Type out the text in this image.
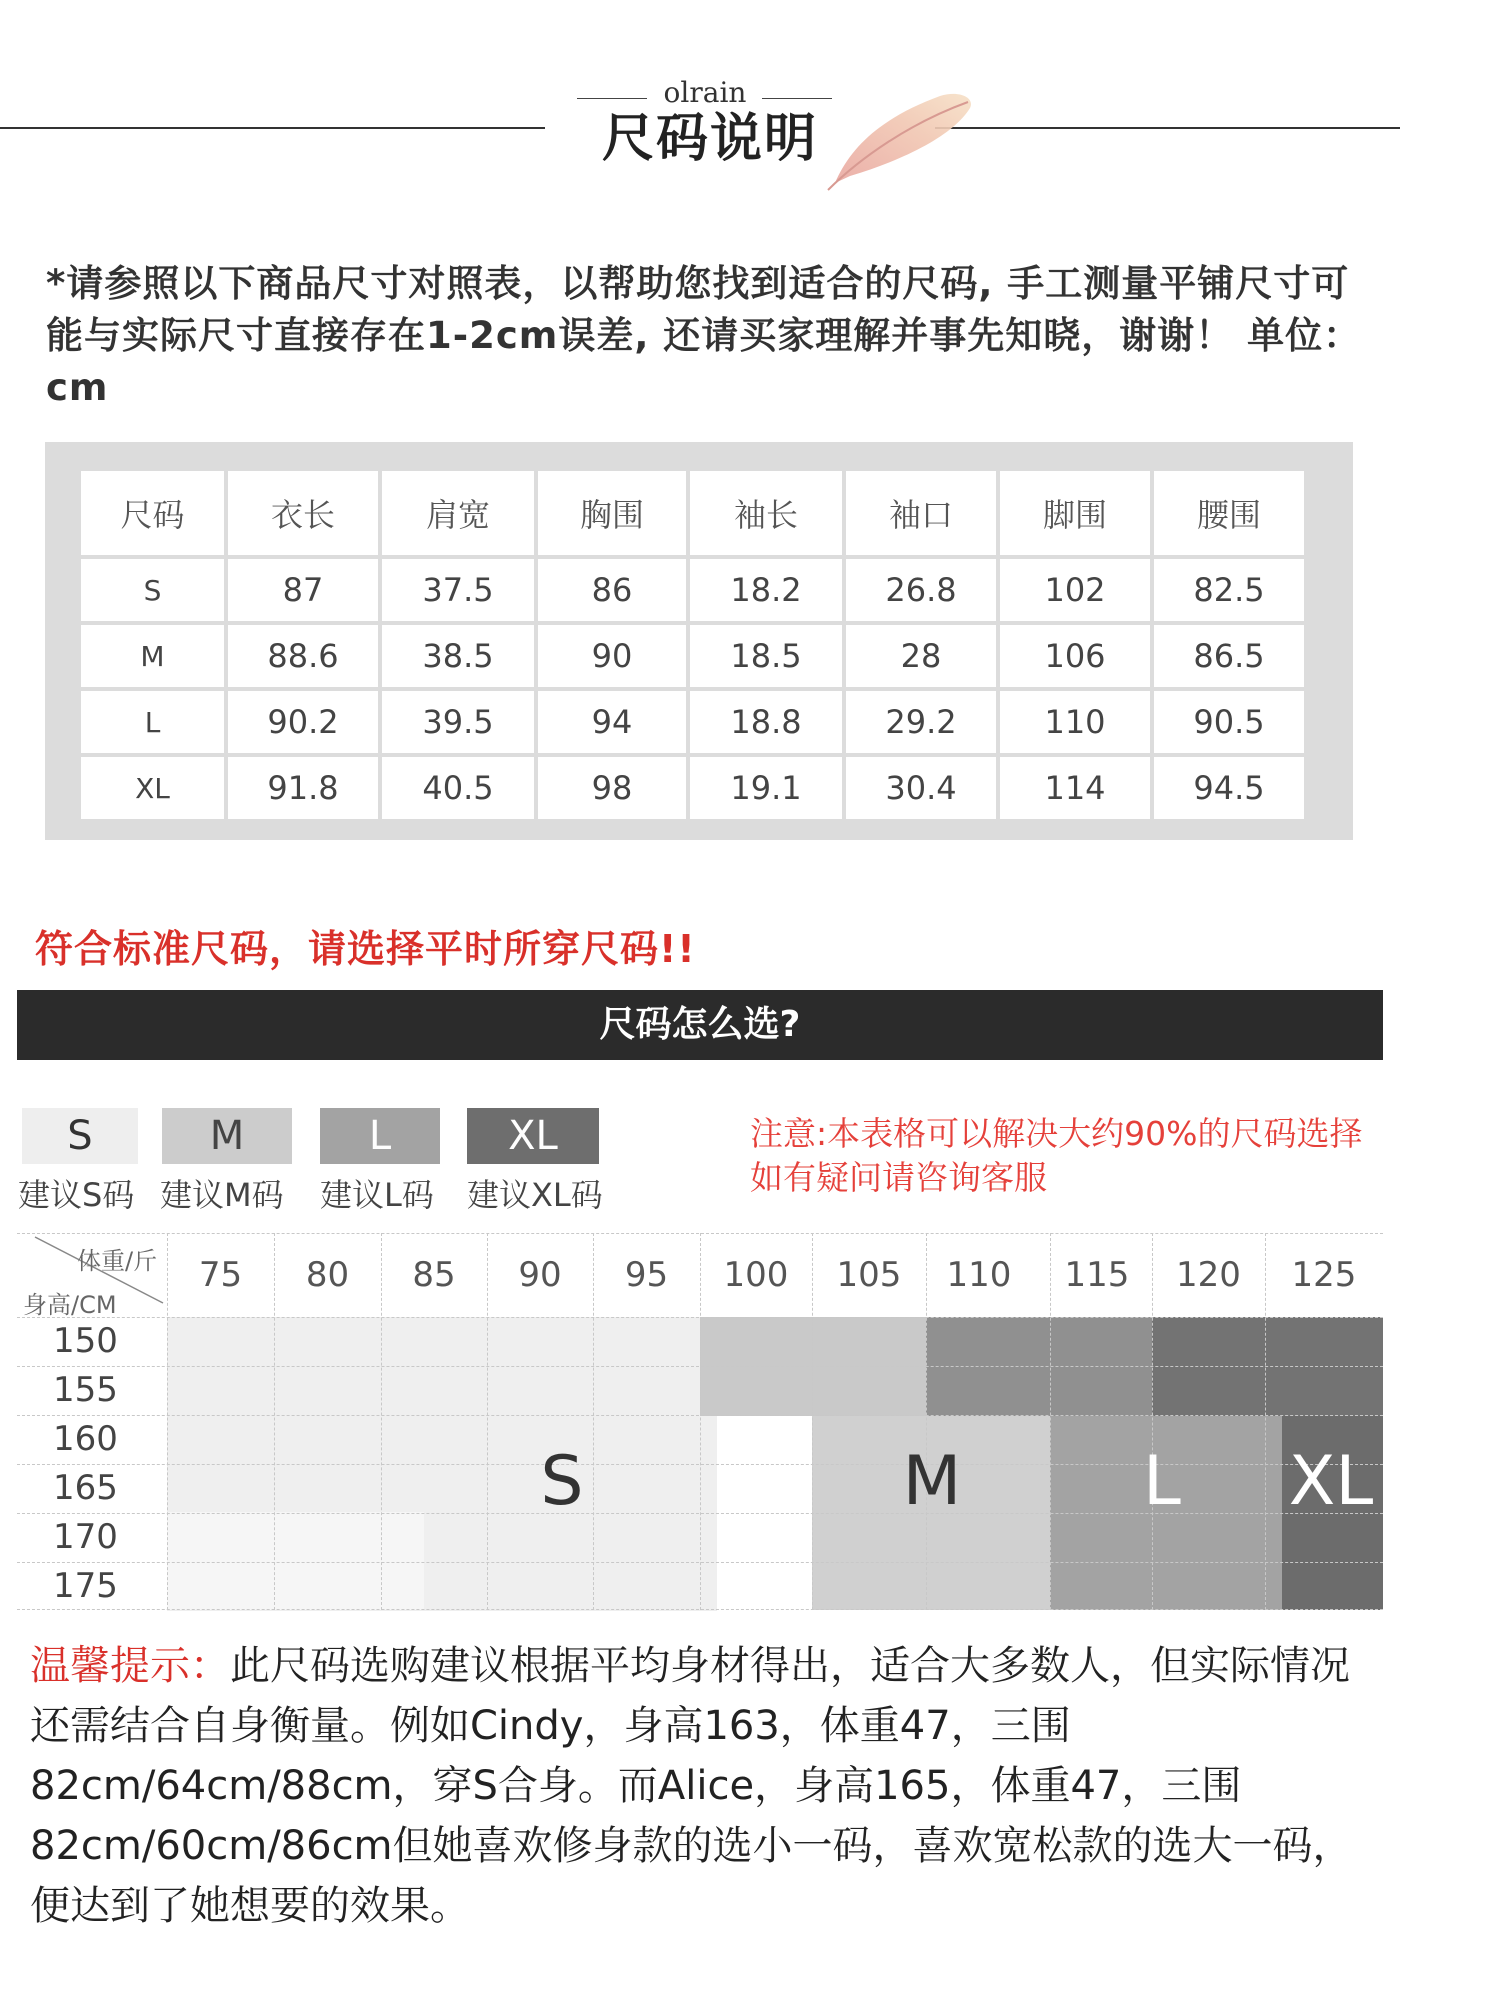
olrain
尺码说明
*请参照以下商品尺寸对照表，以帮助您找到适合的尺码, 手工测量平铺尺寸可能与实际尺寸直接存在1-2cm误差, 还请买家理解并事先知晓，谢谢！ 单位：cm
尺码	衣长	肩宽	胸围	袖长	袖口	脚围	腰围
S	87	37.5	86	18.2	26.8	102	82.5
M	88.6	38.5	90	18.5	28	106	86.5
L	90.2	39.5	94	18.8	29.2	110	90.5
XL	91.8	40.5	98	19.1	30.4	114	94.5
符合标准尺码，请选择平时所穿尺码!!
尺码怎么选?
S	M	L	XL
建议S码 建议M码 建议L码 建议XL码
注意:本表格可以解决大约90%的尺码选择
如有疑问请咨询客服
体重/斤
身高/CM
75	80	85	90	95	100	105	110	115	120	125
150
155
160
165
170
175
S	M	L	XL
温馨提示：此尺码选购建议根据平均身材得出，适合大多数人，但实际情况还需结合自身衡量。例如Cindy，身高163，体重47，三围82cm/64cm/88cm，穿S合身。而Alice，身高165，体重47，三围82cm/60cm/86cm但她喜欢修身款的选小一码，喜欢宽松款的选大一码，便达到了她想要的效果。
